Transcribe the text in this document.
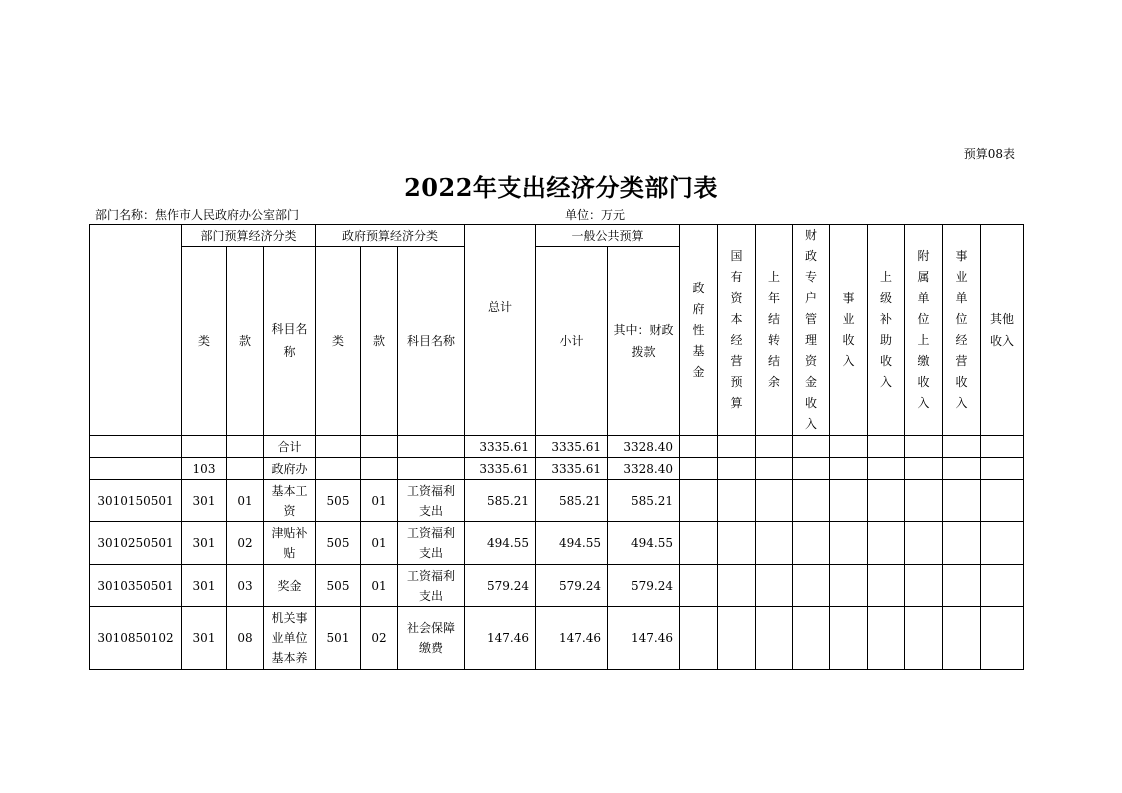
预算08表
2022年支出经济分类部门表
部门名称：焦作市人民政府办公室部门	单位：万元
	部门预算经济分类			政府预算经济分类			总计	一般公共预算		政府性基金	国有资本经营预算	上年结转结余	财政专户管理资金收入	事业收入	上级补助收入	附属单位上缴收入	事业单位经营收入	其他收入
	类	款	科目名称	类	款	科目名称		小计	其中：财政拨款									
			合计				3335.61	3335.61	3328.40									
	103		政府办				3335.61	3335.61	3328.40									
3010150501	301	01	基本工资	505	01	工资福利支出	585.21	585.21	585.21									
3010250501	301	02	津贴补贴	505	01	工资福利支出	494.55	494.55	494.55									
3010350501	301	03	奖金	505	01	工资福利支出	579.24	579.24	579.24									
3010850102	301	08	机关事业单位基本养	501	02	社会保障缴费	147.46	147.46	147.46									
